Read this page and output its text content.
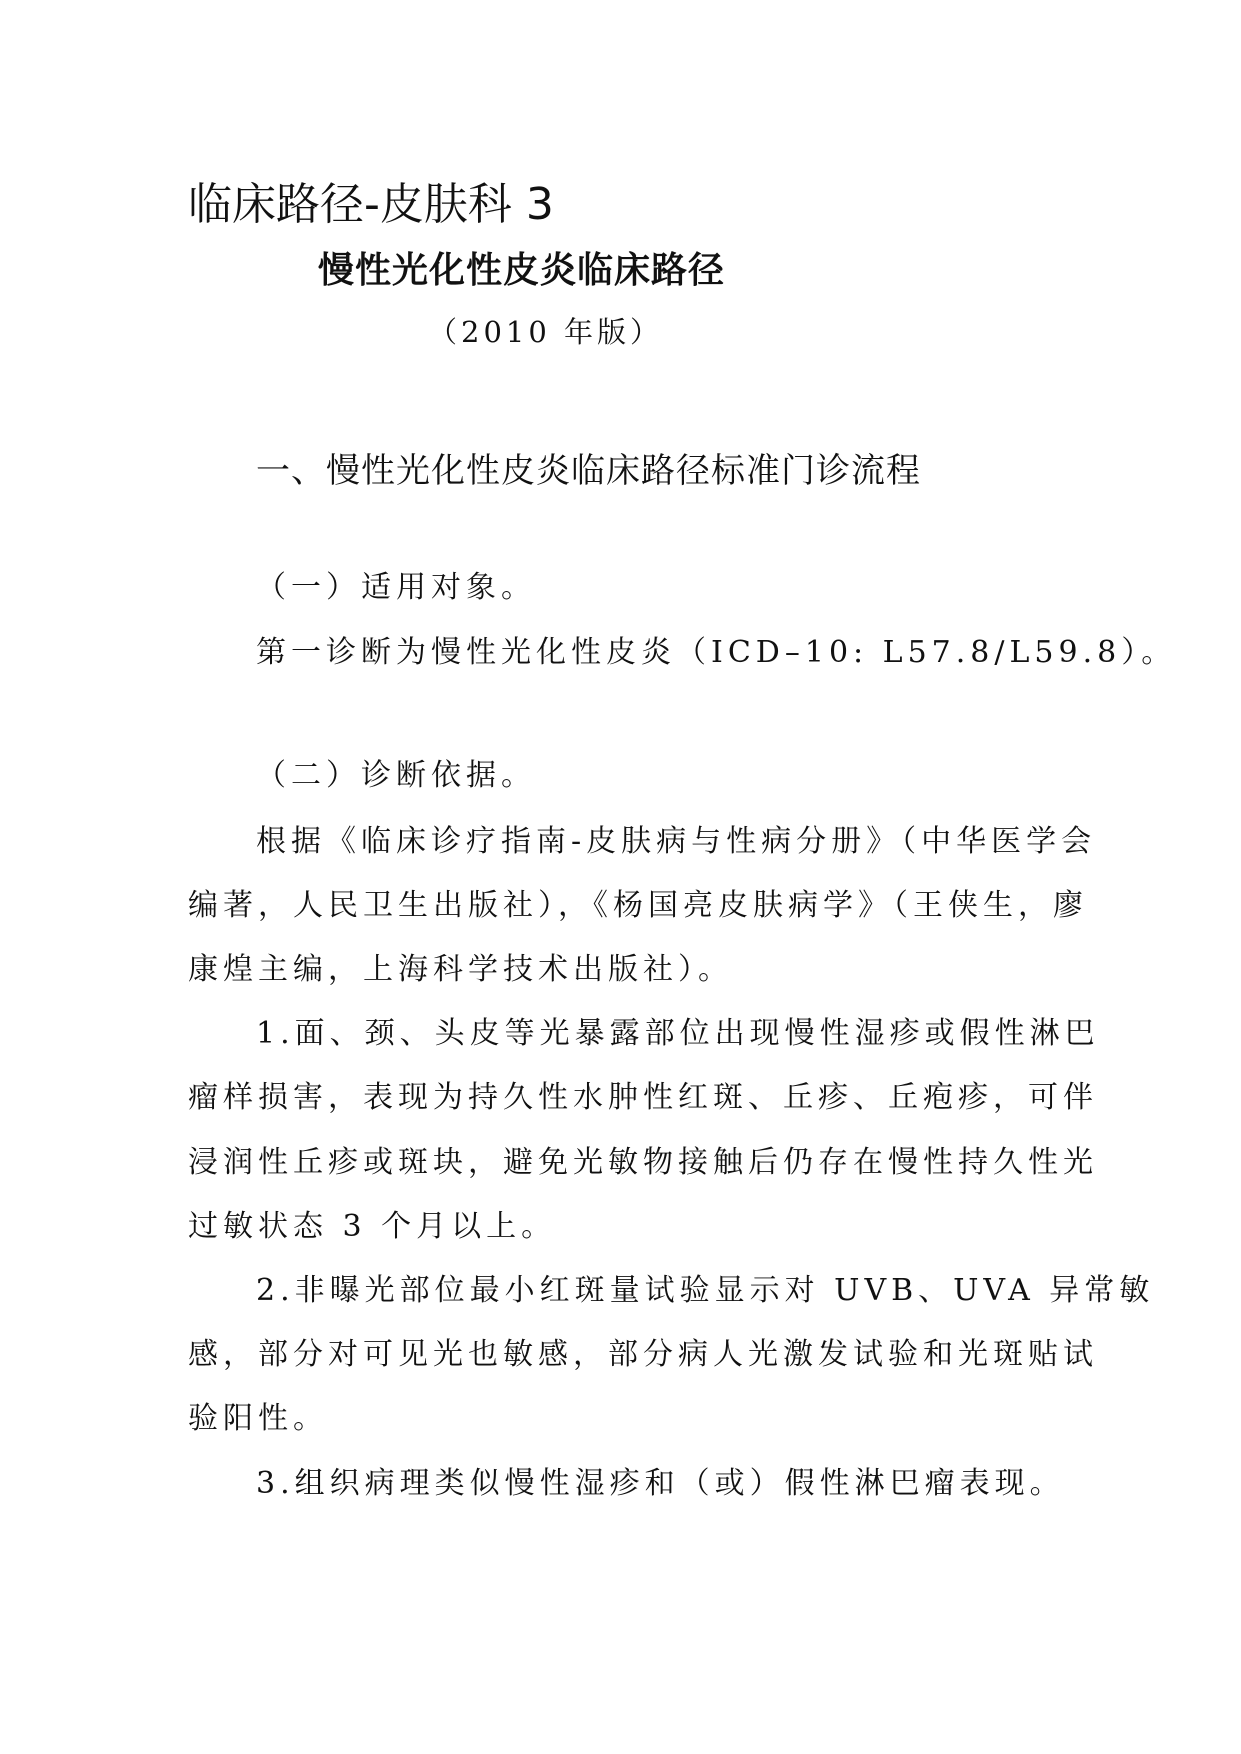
临床路径-皮肤科 3
慢性光化性皮炎临床路径
（2010 年版）
一、慢性光化性皮炎临床路径标准门诊流程
（一）适用对象。
第一诊断为慢性光化性皮炎（ICD–10: L57.8/L59.8）。
（二）诊断依据。
根据《临床诊疗指南-皮肤病与性病分册》（中华医学会
编著，人民卫生出版社），《杨国亮皮肤病学》（王侠生，廖
康煌主编，上海科学技术出版社）。
1.面、颈、头皮等光暴露部位出现慢性湿疹或假性淋巴
瘤样损害，表现为持久性水肿性红斑、丘疹、丘疱疹，可伴
浸润性丘疹或斑块，避免光敏物接触后仍存在慢性持久性光
过敏状态 3 个月以上。
2.非曝光部位最小红斑量试验显示对 UVB、UVA 异常敏
感，部分对可见光也敏感，部分病人光激发试验和光斑贴试
验阳性。
3.组织病理类似慢性湿疹和（或）假性淋巴瘤表现。
